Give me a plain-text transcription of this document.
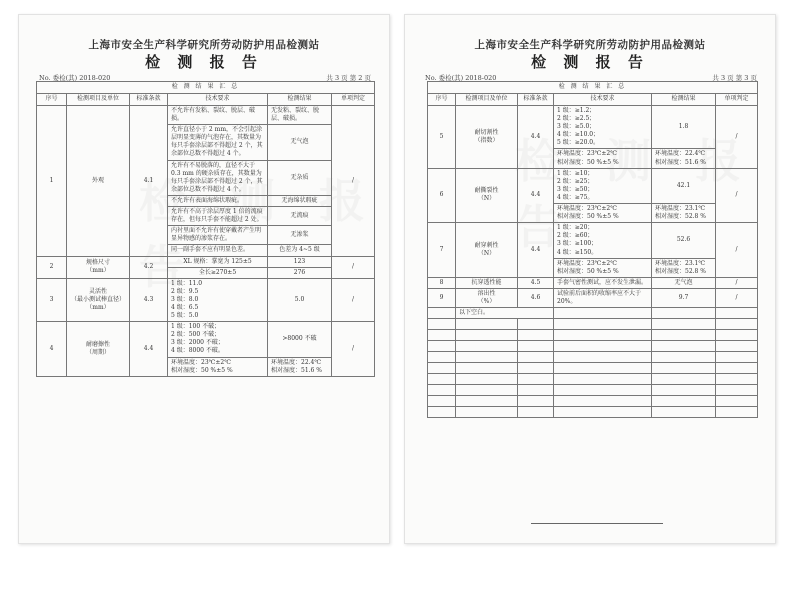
上海市安全生产科学研究所劳动防护用品检测站
检 测 报 告
No. 委检(其) 2018-020	共 3 页 第 2 页
检 测 结 果 汇 总					
序号	检测项目及单位	标准条款	技术要求	检测结果	单项判定
1	外观	4.1	不允许有发粘、裂纹、脱层、破损。	无发粘、裂纹、脱层、破损。	/
			允许直径小于 2 mm，不会引起涂层明显变薄的气泡存在，其数量为每只手套涂层部不得超过 2 个，其余部位总数不得超过 4 个。	无气泡	
			允许有不易脱落的，直径不大于 0.3 mm 的硬杂质存在，其数量为每只手套涂层部不得超过 2 个，其余部位总数不得超过 4 个。	无杂质	
			不允许有表面海绵状瑕疵。	无海绵状瑕疵	
			允许有不高于涂层厚度 1 倍的流痕存在，但每只手套不能超过 2 处。	无流痕	
			内衬里面不允许有使穿戴者产生明显异物感的渗浆存在。	无渗浆	
			同一副手套不应有明显色差。	色差为 4~5 级	
2	规格尺寸
（mm）	4.2	XL 规格：掌宽为 125±5	123	/
			全长≥270±5	276	
3	灵活性
（最小测试棒直径）
（mm）	4.3	1 级：11.0
2 级：9.5
3 级：8.0
4 级：6.5
5 级：5.0	5.0	/
4	耐磨擦性
（周期）	4.4	1 级：100 不破；
2 级：500 不破；
3 级：2000 不破；
4 级：8000 不破。	>8000 不破	/
			环境温度：23℃±2℃
相对湿度：50 %±5 %	环境温度：22.4℃
相对湿度：51.6 %	
上海市安全生产科学研究所劳动防护用品检测站
检 测 报 告
No. 委检(其) 2018-020	共 3 页 第 3 页
检 测 结 果 汇 总					
序号	检测项目及单位	标准条款	技术要求	检测结果	单项判定
5	耐切割性
（指数）	4.4	1 级：≥1.2；
2 级：≥2.5；
3 级：≥5.0；
4 级：≥10.0；
5 级：≥20.0。	1.8	/
			环境温度：23℃±2℃
相对湿度：50 %±5 %	环境温度：22.4℃
相对湿度：51.6 %	
6	耐撕裂性
（N）	4.4	1 级：≥10；
2 级：≥25；
3 级：≥50；
4 级：≥75。	42.1	/
			环境温度：23℃±2℃
相对湿度：50 %±5 %	环境温度：23.1℃
相对湿度：52.8 %	
7	耐穿刺性
（N）	4.4	1 级：≥20；
2 级：≥60；
3 级：≥100；
4 级：≥150。	52.6	/
			环境温度：23℃±2℃
相对湿度：50 %±5 %	环境温度：23.1℃
相对湿度：52.8 %	
8	抗穿透性能	4.5	手套气密性测试，应不发生泄漏。	无气泡	/
9	溶出性
（%）	4.6	试验前后面积的收缩率应不大于 20%。	9.7	/
	以下空白。				
